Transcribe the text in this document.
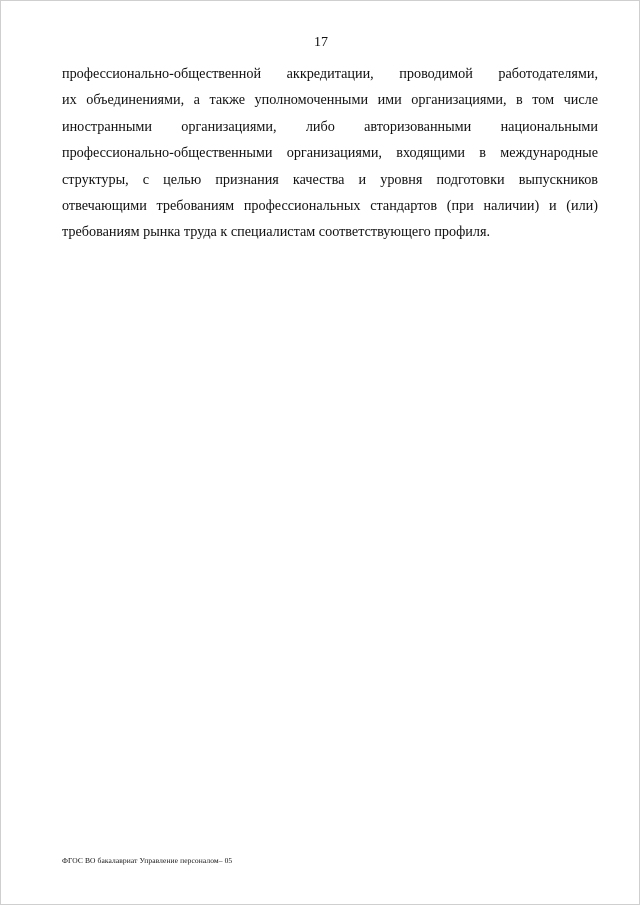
17
профессионально-общественной аккредитации, проводимой работодателями,
их объединениями, а также уполномоченными ими организациями, в том числе
иностранными организациями, либо авторизованными национальными
профессионально-общественными организациями, входящими в международные
структуры, с целью признания качества и уровня подготовки выпускников
отвечающими требованиям профессиональных стандартов (при наличии) и (или)
требованиям рынка труда к специалистам соответствующего профиля.
ФГОС ВО бакалавриат Управление персоналом– 05
